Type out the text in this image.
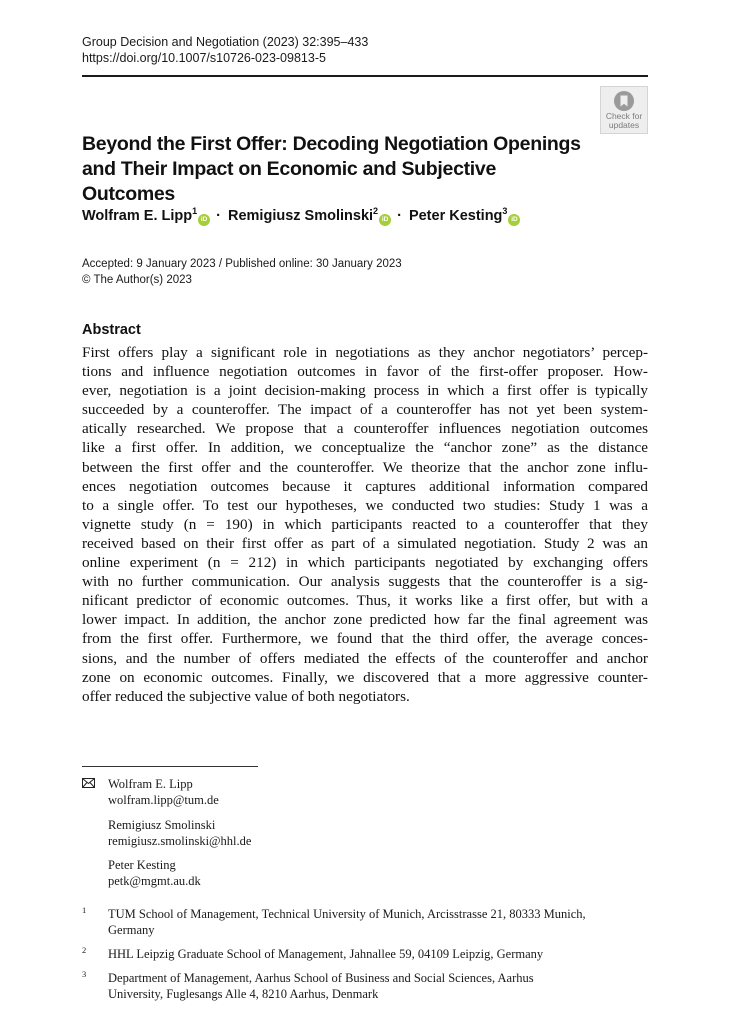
Group Decision and Negotiation (2023) 32:395–433
https://doi.org/10.1007/s10726-023-09813-5
Check for
updates
Beyond the First Offer: Decoding Negotiation Openings
and Their Impact on Economic and Subjective Outcomes
Wolfram E. Lipp$^1$iD · Remigiusz Smolinski$^2$iD · Peter Kesting$^3$iD
Accepted: 9 January 2023 / Published online: 30 January 2023
© The Author(s) 2023
Abstract
First offers play a significant role in negotiations as they anchor negotiators’ percep-
tions and influence negotiation outcomes in favor of the first-offer proposer. How-
ever, negotiation is a joint decision-making process in which a first offer is typically
succeeded by a counteroffer. The impact of a counteroffer has not yet been system-
atically researched. We propose that a counteroffer influences negotiation outcomes
like a first offer. In addition, we conceptualize the “anchor zone” as the distance
between the first offer and the counteroffer. We theorize that the anchor zone influ-
ences negotiation outcomes because it captures additional information compared
to a single offer. To test our hypotheses, we conducted two studies: Study 1 was a
vignette study (n = 190) in which participants reacted to a counteroffer that they
received based on their first offer as part of a simulated negotiation. Study 2 was an
online experiment (n = 212) in which participants negotiated by exchanging offers
with no further communication. Our analysis suggests that the counteroffer is a sig-
nificant predictor of economic outcomes. Thus, it works like a first offer, but with a
lower impact. In addition, the anchor zone predicted how far the final agreement was
from the first offer. Furthermore, we found that the third offer, the average conces-
sions, and the number of offers mediated the effects of the counteroffer and anchor
zone on economic outcomes. Finally, we discovered that a more aggressive counter-
offer reduced the subjective value of both negotiators.
Wolfram E. Lipp
wolfram.lipp@tum.de
Remigiusz Smolinski
remigiusz.smolinski@hhl.de
Peter Kesting
petk@mgmt.au.dk
1 TUM School of Management, Technical University of Munich, Arcisstrasse 21, 80333 Munich,
Germany
2 HHL Leipzig Graduate School of Management, Jahnallee 59, 04109 Leipzig, Germany
3 Department of Management, Aarhus School of Business and Social Sciences, Aarhus
University, Fuglesangs Alle 4, 8210 Aarhus, Denmark
